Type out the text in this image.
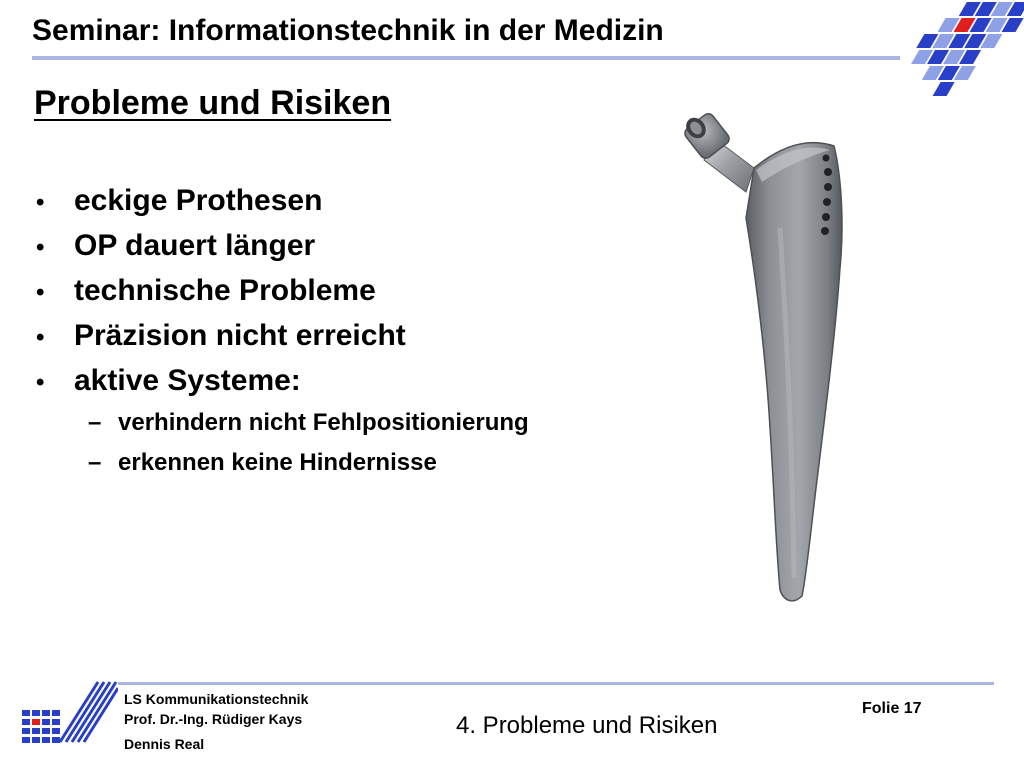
Seminar: Informationstechnik in der Medizin
Probleme und Risiken
• eckige Prothesen
• OP dauert länger
• technische Probleme
• Präzision nicht erreicht
• aktive Systeme:
– verhindern nicht Fehlpositionierung
– erkennen keine Hindernisse
LS Kommunikationstechnik
Prof. Dr.-Ing. Rüdiger Kays
Dennis Real
4. Probleme und Risiken
Folie 17
